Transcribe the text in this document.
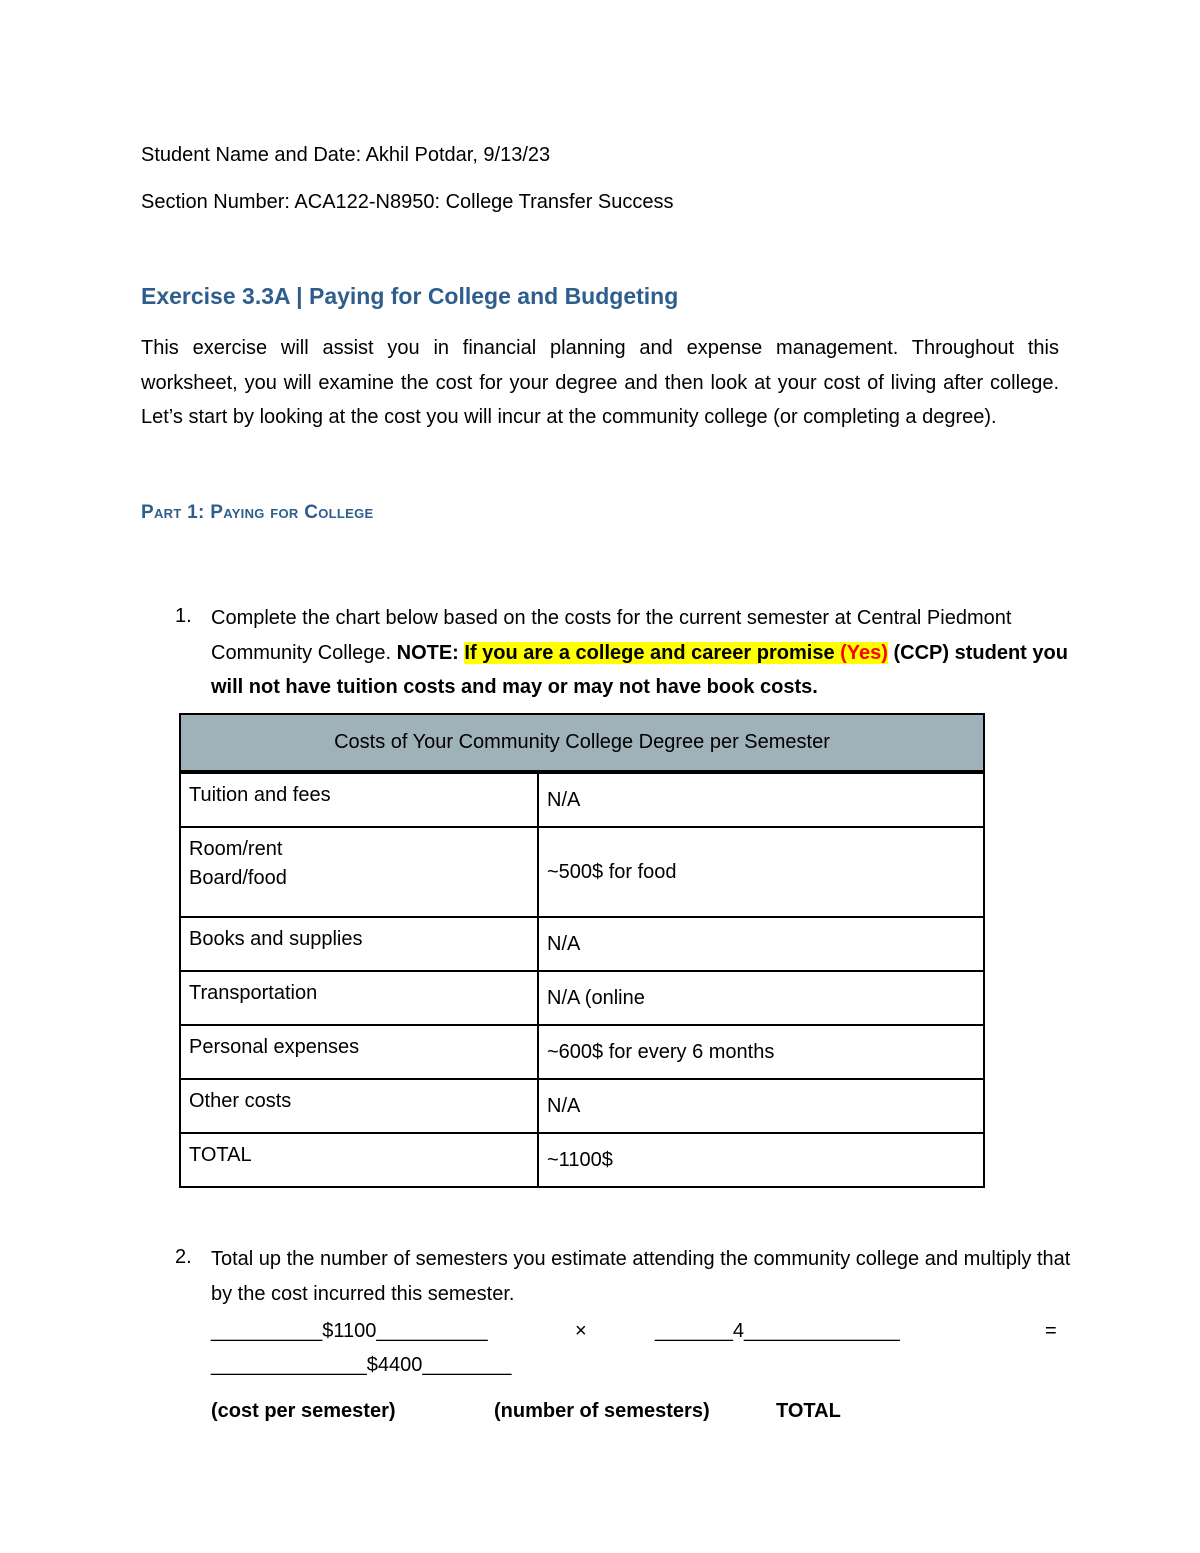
Student Name and Date: Akhil Potdar, 9/13/23
Section Number: ACA122-N8950: College Transfer Success
Exercise 3.3A | Paying for College and Budgeting
This exercise will assist you in financial planning and expense management. Throughout this worksheet, you will examine the cost for your degree and then look at your cost of living after college. Let’s start by looking at the cost you will incur at the community college (or completing a degree).
Part 1: Paying for College
1. Complete the chart below based on the costs for the current semester at Central Piedmont Community College. NOTE: If you are a college and career promise (Yes) (CCP) student you will not have tuition costs and may or may not have book costs.
Costs of Your Community College Degree per Semester	
Tuition and fees	N/A

Room/rent
Board/food	~500$ for food
Books and supplies	N/A
Transportation	N/A (online
Personal expenses	~600$ for every 6 months
Other costs	N/A
TOTAL	~1100$
2. Total up the number of semesters you estimate attending the community college and multiply that by the cost incurred this semester.
__________$1100__________	×	_______4______________	=
______________$4400________
(cost per semester)	(number of semesters)	TOTAL
